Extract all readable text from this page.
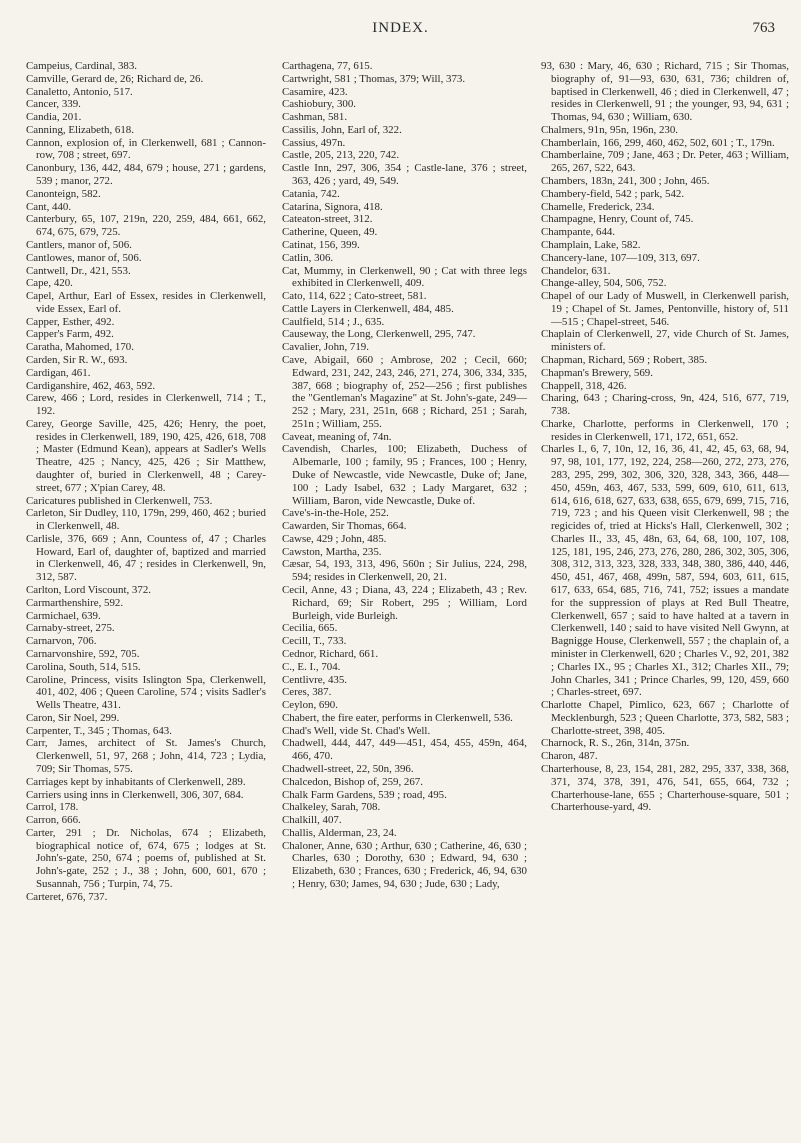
INDEX.	763

Campeius, Cardinal, 383.

Camville, Gerard de, 26; Richard de, 26.

Canaletto, Antonio, 517.

Cancer, 339.

Candia, 201.

Canning, Elizabeth, 618.

Cannon, explosion of, in Clerkenwell, 681 ; Cannon-row, 708 ; street, 697.

Canonbury, 136, 442, 484, 679 ; house, 271 ; gardens, 539 ; manor, 272.

Canonteign, 582.

Cant, 440.

Canterbury, 65, 107, 219n, 220, 259, 484, 661, 662, 674, 675, 679, 725.

Cantlers, manor of, 506.

Cantlowes, manor of, 506.

Cantwell, Dr., 421, 553.

Cape, 420.

Capel, Arthur, Earl of Essex, resides in Clerkenwell, vide Essex, Earl of.

Capper, Esther, 492.

Capper's Farm, 492.

Caratha, Mahomed, 170.

Carden, Sir R. W., 693.

Cardigan, 461.

Cardiganshire, 462, 463, 592.

Carew, 466 ; Lord, resides in Clerkenwell, 714 ; T., 192.

Carey, George Saville, 425, 426; Henry, the poet, resides in Clerkenwell, 189, 190, 425, 426, 618, 708 ; Master (Edmund Kean), appears at Sadler's Wells Theatre, 425 ; Nancy, 425, 426 ; Sir Matthew, daughter of, buried in Clerkenwell, 48 ; Carey-street, 677 ; X'pian Carey, 48.

Caricatures published in Clerkenwell, 753.

Carleton, Sir Dudley, 110, 179n, 299, 460, 462 ; buried in Clerkenwell, 48.

Carlisle, 376, 669 ; Ann, Countess of, 47 ; Charles Howard, Earl of, daughter of, baptized and married in Clerkenwell, 46, 47 ; resides in Clerkenwell, 9n, 312, 587.

Carlton, Lord Viscount, 372.

Carmarthenshire, 592.

Carmichael, 639.

Carnaby-street, 275.

Carnarvon, 706.

Carnarvonshire, 592, 705.

Carolina, South, 514, 515.

Caroline, Princess, visits Islington Spa, Clerkenwell, 401, 402, 406 ; Queen Caroline, 574 ; visits Sadler's Wells Theatre, 431.

Caron, Sir Noel, 299.

Carpenter, T., 345 ; Thomas, 643.

Carr, James, architect of St. James's Church, Clerkenwell, 51, 97, 268 ; John, 414, 723 ; Lydia, 709; Sir Thomas, 575.

Carriages kept by inhabitants of Clerkenwell, 289.

Carriers using inns in Clerkenwell, 306, 307, 684.

Carrol, 178.

Carron, 666.

Carter, 291 ; Dr. Nicholas, 674 ; Elizabeth, biographical notice of, 674, 675 ; lodges at St. John's-gate, 250, 674 ; poems of, published at St. John's-gate, 252 ; J., 38 ; John, 600, 601, 670 ; Susannah, 756 ; Turpin, 74, 75.

Carteret, 676, 737.

Carthagena, 77, 615.

Cartwright, 581 ; Thomas, 379; Will, 373.

Casamire, 423.

Cashiobury, 300.

Cashman, 581.

Cassilis, John, Earl of, 322.

Cassius, 497n.

Castle, 205, 213, 220, 742.

Castle Inn, 297, 306, 354 ; Castle-lane, 376 ; street, 363, 426 ; yard, 49, 549.

Catania, 742.

Catarina, Signora, 418.

Cateaton-street, 312.

Catherine, Queen, 49.

Catinat, 156, 399.

Catlin, 306.

Cat, Mummy, in Clerkenwell, 90 ; Cat with three legs exhibited in Clerkenwell, 409.

Cato, 114, 622 ; Cato-street, 581.

Cattle Layers in Clerkenwell, 484, 485.

Caulfield, 514 ; J., 635.

Causeway, the Long, Clerkenwell, 295, 747.

Cavalier, John, 719.

Cave, Abigail, 660 ; Ambrose, 202 ; Cecil, 660; Edward, 231, 242, 243, 246, 271, 274, 306, 334, 335, 387, 668 ; biography of, 252—256 ; first publishes the "Gentleman's Magazine" at St. John's-gate, 249—252 ; Mary, 231, 251n, 668 ; Richard, 251 ; Sarah, 251n ; William, 255.

Caveat, meaning of, 74n.

Cavendish, Charles, 100; Elizabeth, Duchess of Albemarle, 100 ; family, 95 ; Frances, 100 ; Henry, Duke of Newcastle, vide Newcastle, Duke of; Jane, 100 ; Lady Isabel, 632 ; Lady Margaret, 632 ; William, Baron, vide Newcastle, Duke of.

Cave's-in-the-Hole, 252.

Cawarden, Sir Thomas, 664.

Cawse, 429 ; John, 485.

Cawston, Martha, 235.

Cæsar, 54, 193, 313, 496, 560n ; Sir Julius, 224, 298, 594; resides in Clerkenwell, 20, 21.

Cecil, Anne, 43 ; Diana, 43, 224 ; Elizabeth, 43 ; Rev. Richard, 69; Sir Robert, 295 ; William, Lord Burleigh, vide Burleigh.

Cecilia, 665.

Cecill, T., 733.

Cednor, Richard, 661.

C., E. I., 704.

Centlivre, 435.

Ceres, 387.

Ceylon, 690.

Chabert, the fire eater, performs in Clerkenwell, 536.

Chad's Well, vide St. Chad's Well.

Chadwell, 444, 447, 449—451, 454, 455, 459n, 464, 466, 470.

Chadwell-street, 22, 50n, 396.

Chalcedon, Bishop of, 259, 267.

Chalk Farm Gardens, 539 ; road, 495.

Chalkeley, Sarah, 708.

Chalkill, 407.

Challis, Alderman, 23, 24.

Chaloner, Anne, 630 ; Arthur, 630 ; Catherine, 46, 630 ; Charles, 630 ; Dorothy, 630 ; Edward, 94, 630 ; Elizabeth, 630 ; Frances, 630 ; Frederick, 46, 94, 630 ; Henry, 630; James, 94, 630 ; Jude, 630 ; Lady,

93, 630 : Mary, 46, 630 ; Richard, 715 ; Sir Thomas, biography of, 91—93, 630, 631, 736; children of, baptised in Clerkenwell, 46 ; died in Clerkenwell, 47 ; resides in Clerkenwell, 91 ; the younger, 93, 94, 631 ; Thomas, 94, 630 ; William, 630.

Chalmers, 91n, 95n, 196n, 230.

Chamberlain, 166, 299, 460, 462, 502, 601 ; T., 179n.

Chamberlaine, 709 ; Jane, 463 ; Dr. Peter, 463 ; William, 265, 267, 522, 643.

Chambers, 183n, 241, 300 ; John, 465.

Chambery-field, 542 ; park, 542.

Chamelle, Frederick, 234.

Champagne, Henry, Count of, 745.

Champante, 644.

Champlain, Lake, 582.

Chancery-lane, 107—109, 313, 697.

Chandelor, 631.

Change-alley, 504, 506, 752.

Chapel of our Lady of Muswell, in Clerkenwell parish, 19 ; Chapel of St. James, Pentonville, history of, 511—515 ; Chapel-street, 546.

Chaplain of Clerkenwell, 27, vide Church of St. James, ministers of.

Chapman, Richard, 569 ; Robert, 385.

Chapman's Brewery, 569.

Chappell, 318, 426.

Charing, 643 ; Charing-cross, 9n, 424, 516, 677, 719, 738.

Charke, Charlotte, performs in Clerkenwell, 170 ; resides in Clerkenwell, 171, 172, 651, 652.

Charles I., 6, 7, 10n, 12, 16, 36, 41, 42, 45, 63, 68, 94, 97, 98, 101, 177, 192, 224, 258—260, 272, 273, 276, 283, 295, 299, 302, 306, 320, 328, 343, 366, 448—450, 459n, 463, 467, 533, 599, 609, 610, 611, 613, 614, 616, 618, 627, 633, 638, 655, 679, 699, 715, 716, 719, 723 ; and his Queen visit Clerkenwell, 98 ; the regicides of, tried at Hicks's Hall, Clerkenwell, 302 ; Charles II., 33, 45, 48n, 63, 64, 68, 100, 107, 108, 125, 181, 195, 246, 273, 276, 280, 286, 302, 305, 306, 308, 312, 313, 323, 328, 333, 348, 380, 386, 440, 446, 450, 451, 467, 468, 499n, 587, 594, 603, 611, 615, 617, 633, 654, 685, 716, 741, 752; issues a mandate for the suppression of plays at Red Bull Theatre, Clerkenwell, 657 ; said to have halted at a tavern in Clerkenwell, 140 ; said to have visited Nell Gwynn, at Bagnigge House, Clerkenwell, 557 ; the chaplain of, a minister in Clerkenwell, 620 ; Charles V., 92, 201, 382 ; Charles IX., 95 ; Charles XI., 312; Charles XII., 79; John Charles, 341 ; Prince Charles, 99, 120, 459, 660 ; Charles-street, 697.

Charlotte Chapel, Pimlico, 623, 667 ; Charlotte of Mecklenburgh, 523 ; Queen Charlotte, 373, 582, 583 ; Charlotte-street, 398, 405.

Charnock, R. S., 26n, 314n, 375n.

Charon, 487.

Charterhouse, 8, 23, 154, 281, 282, 295, 337, 338, 368, 371, 374, 378, 391, 476, 541, 655, 664, 732 ; Charterhouse-lane, 655 ; Charterhouse-square, 501 ; Charterhouse-yard, 49.
